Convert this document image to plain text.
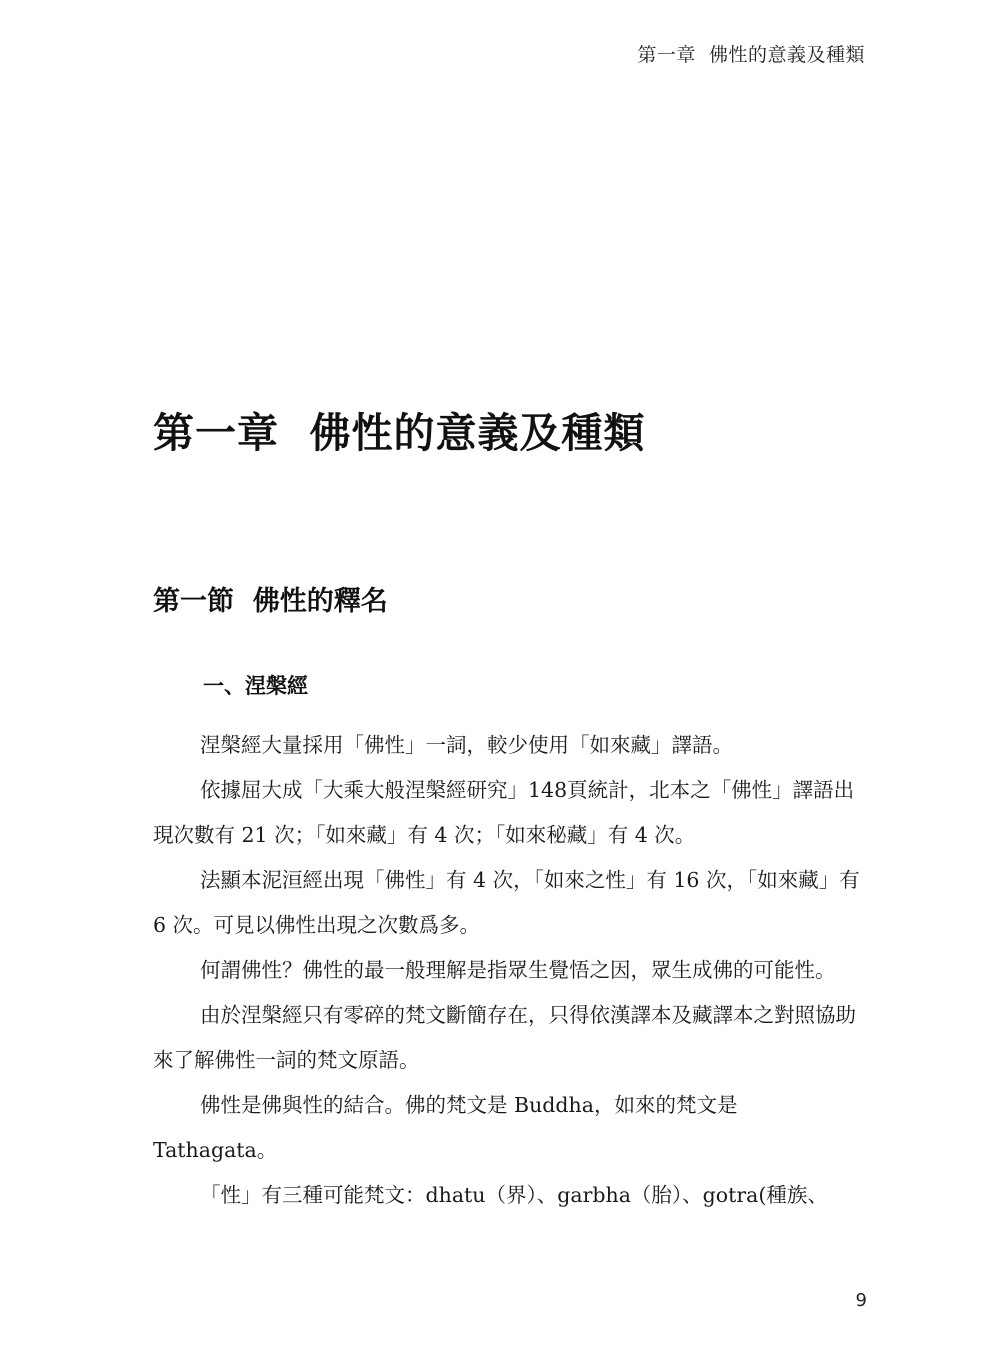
第一章  佛性的意義及種類
第一章  佛性的意義及種類
第一節  佛性的釋名
一、涅槃經

涅槃經大量採用「佛性」一詞，較少使用「如來藏」譯語。

依據屈大成「大乘大般涅槃經研究」148頁統計，北本之「佛性」譯語出現次數有 21 次；「如來藏」有 4 次；「如來秘藏」有 4 次。

法顯本泥洹經出現「佛性」有 4 次，「如來之性」有 16 次，「如來藏」有 6 次。可見以佛性出現之次數爲多。

何謂佛性？佛性的最一般理解是指眾生覺悟之因，眾生成佛的可能性。

由於涅槃經只有零碎的梵文斷簡存在，只得依漢譯本及藏譯本之對照協助來了解佛性一詞的梵文原語。

佛性是佛與性的結合。佛的梵文是 Buddha，如來的梵文是 Tathagata。

「性」有三種可能梵文：dhatu（界）、garbha（胎）、gotra(種族、

9
